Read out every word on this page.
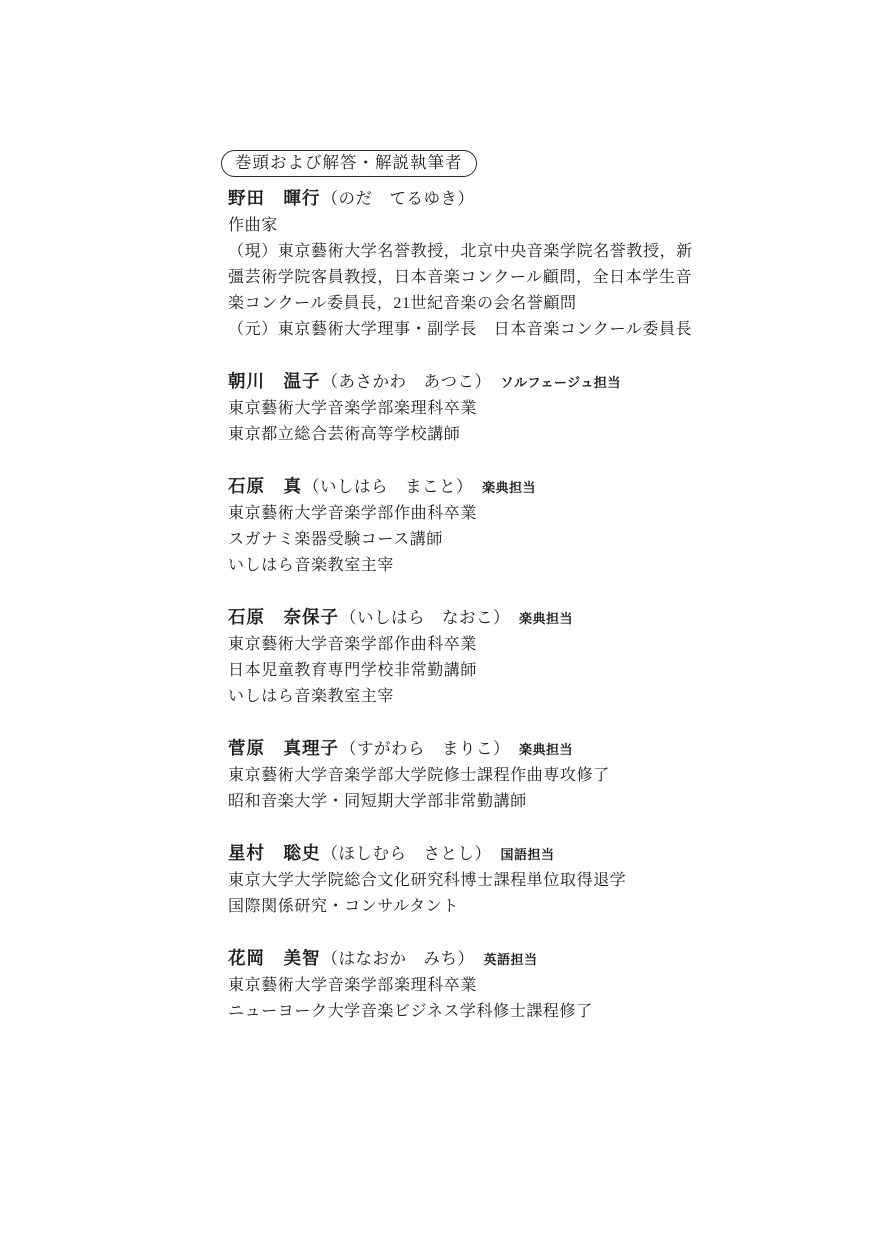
巻頭および解答・解説執筆者
野田　暉行（のだ　てるゆき）
作曲家
（現）東京藝術大学名誉教授，北京中央音楽学院名誉教授，新
彊芸術学院客員教授，日本音楽コンクール顧問，全日本学生音
楽コンクール委員長，21世紀音楽の会名誉顧問
（元）東京藝術大学理事・副学長　日本音楽コンクール委員長
朝川　温子（あさかわ　あつこ） ソルフェージュ担当
東京藝術大学音楽学部楽理科卒業
東京都立総合芸術高等学校講師
石原　真（いしはら　まこと） 楽典担当
東京藝術大学音楽学部作曲科卒業
スガナミ楽器受験コース講師
いしはら音楽教室主宰
石原　奈保子（いしはら　なおこ） 楽典担当
東京藝術大学音楽学部作曲科卒業
日本児童教育専門学校非常勤講師
いしはら音楽教室主宰
菅原　真理子（すがわら　まりこ） 楽典担当
東京藝術大学音楽学部大学院修士課程作曲専攻修了
昭和音楽大学・同短期大学部非常勤講師
星村　聡史（ほしむら　さとし） 国語担当
東京大学大学院総合文化研究科博士課程単位取得退学
国際関係研究・コンサルタント
花岡　美智（はなおか　みち） 英語担当
東京藝術大学音楽学部楽理科卒業
ニューヨーク大学音楽ビジネス学科修士課程修了
